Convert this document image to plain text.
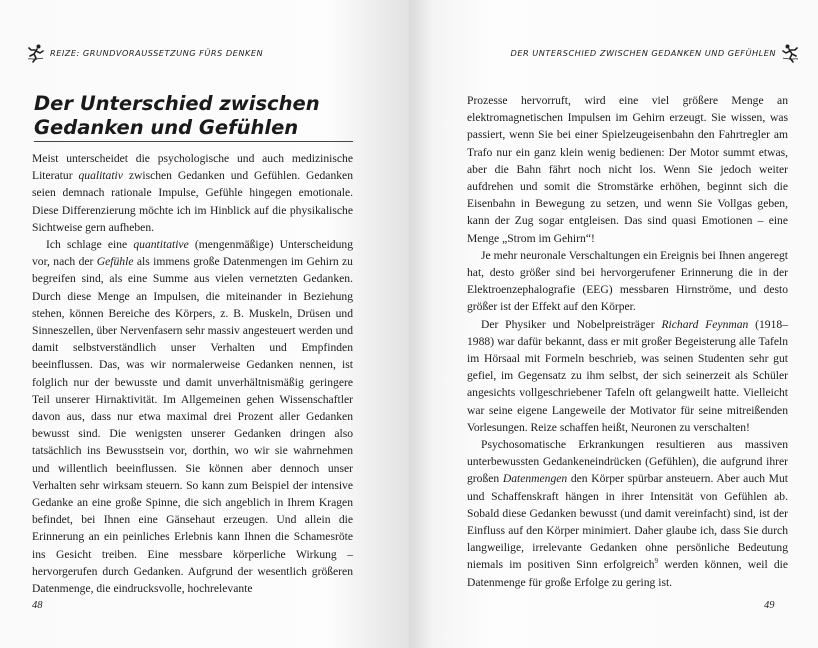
REIZE: GRUNDVORAUSSETZUNG FÜRS DENKEN
Der Unterschied zwischen
Gedanken und Gefühlen

Meist unterscheidet die psychologische und auch medizinische Literatur qualitativ zwischen Gedanken und Gefühlen. Gedanken seien demnach rationale Impulse, Gefühle hingegen emotionale. Diese Differenzierung möchte ich im Hinblick auf die physikalische Sichtweise gern aufheben.

Ich schlage eine quantitative (mengenmäßige) Unterscheidung vor, nach der Gefühle als immens große Datenmengen im Gehirn zu begreifen sind, als eine Summe aus vielen vernetzten Gedanken. Durch diese Menge an Impulsen, die miteinander in Beziehung stehen, können Bereiche des Körpers, z. B. Muskeln, Drüsen und Sinneszellen, über Nervenfasern sehr massiv angesteuert werden und damit selbstverständlich unser Verhalten und Empfinden beeinflussen. Das, was wir normalerweise Gedanken nennen, ist folglich nur der bewusste und damit unverhältnismäßig geringere Teil unserer Hirnaktivität. Im Allgemeinen gehen Wissenschaftler davon aus, dass nur etwa maximal drei Prozent aller Gedanken bewusst sind. Die wenigsten unserer Gedanken dringen also tatsächlich ins Bewusstsein vor, dorthin, wo wir sie wahrnehmen und willentlich beeinflussen. Sie können aber dennoch unser Verhalten sehr wirksam steuern. So kann zum Beispiel der intensive Gedanke an eine große Spinne, die sich angeblich in Ihrem Kragen befindet, bei Ihnen eine Gänsehaut erzeugen. Und allein die Erinnerung an ein peinliches Erlebnis kann Ihnen die Schamesröte ins Gesicht treiben. Eine messbare körperliche Wirkung – hervorgerufen durch Gedanken. Aufgrund der wesentlich größeren Datenmenge, die eindrucksvolle, hochrelevante

48
DER UNTERSCHIED ZWISCHEN GEDANKEN UND GEFÜHLEN

Prozesse hervorruft, wird eine viel größere Menge an elektromagnetischen Impulsen im Gehirn erzeugt. Sie wissen, was passiert, wenn Sie bei einer Spielzeugeisenbahn den Fahrtregler am Trafo nur ein ganz klein wenig bedienen: Der Motor summt etwas, aber die Bahn fährt noch nicht los. Wenn Sie jedoch weiter aufdrehen und somit die Stromstärke erhöhen, beginnt sich die Eisenbahn in Bewegung zu setzen, und wenn Sie Vollgas geben, kann der Zug sogar entgleisen. Das sind quasi Emotionen – eine Menge „Strom im Gehirn“!

Je mehr neuronale Verschaltungen ein Ereignis bei Ihnen angeregt hat, desto größer sind bei hervorgerufener Erinnerung die in der Elektroenzephalografie (EEG) messbaren Hirnströme, und desto größer ist der Effekt auf den Körper.

Der Physiker und Nobelpreisträger Richard Feynman (1918–1988) war dafür bekannt, dass er mit großer Begeisterung alle Tafeln im Hörsaal mit Formeln beschrieb, was seinen Studenten sehr gut gefiel, im Gegensatz zu ihm selbst, der sich seinerzeit als Schüler angesichts vollgeschriebener Tafeln oft gelangweilt hatte. Vielleicht war seine eigene Langeweile der Motivator für seine mitreißenden Vorlesungen. Reize schaffen heißt, Neuronen zu verschalten!

Psychosomatische Erkrankungen resultieren aus massiven unterbewussten Gedankeneindrücken (Gefühlen), die aufgrund ihrer großen Datenmengen den Körper spürbar ansteuern. Aber auch Mut und Schaffenskraft hängen in ihrer Intensität von Gefühlen ab. Sobald diese Gedanken bewusst (und damit vereinfacht) sind, ist der Einfluss auf den Körper minimiert. Daher glaube ich, dass Sie durch langweilige, irrelevante Gedanken ohne persönliche Bedeutung niemals im positiven Sinn erfolgreich$^9$ werden können, weil die Datenmenge für große Erfolge zu gering ist.

49
